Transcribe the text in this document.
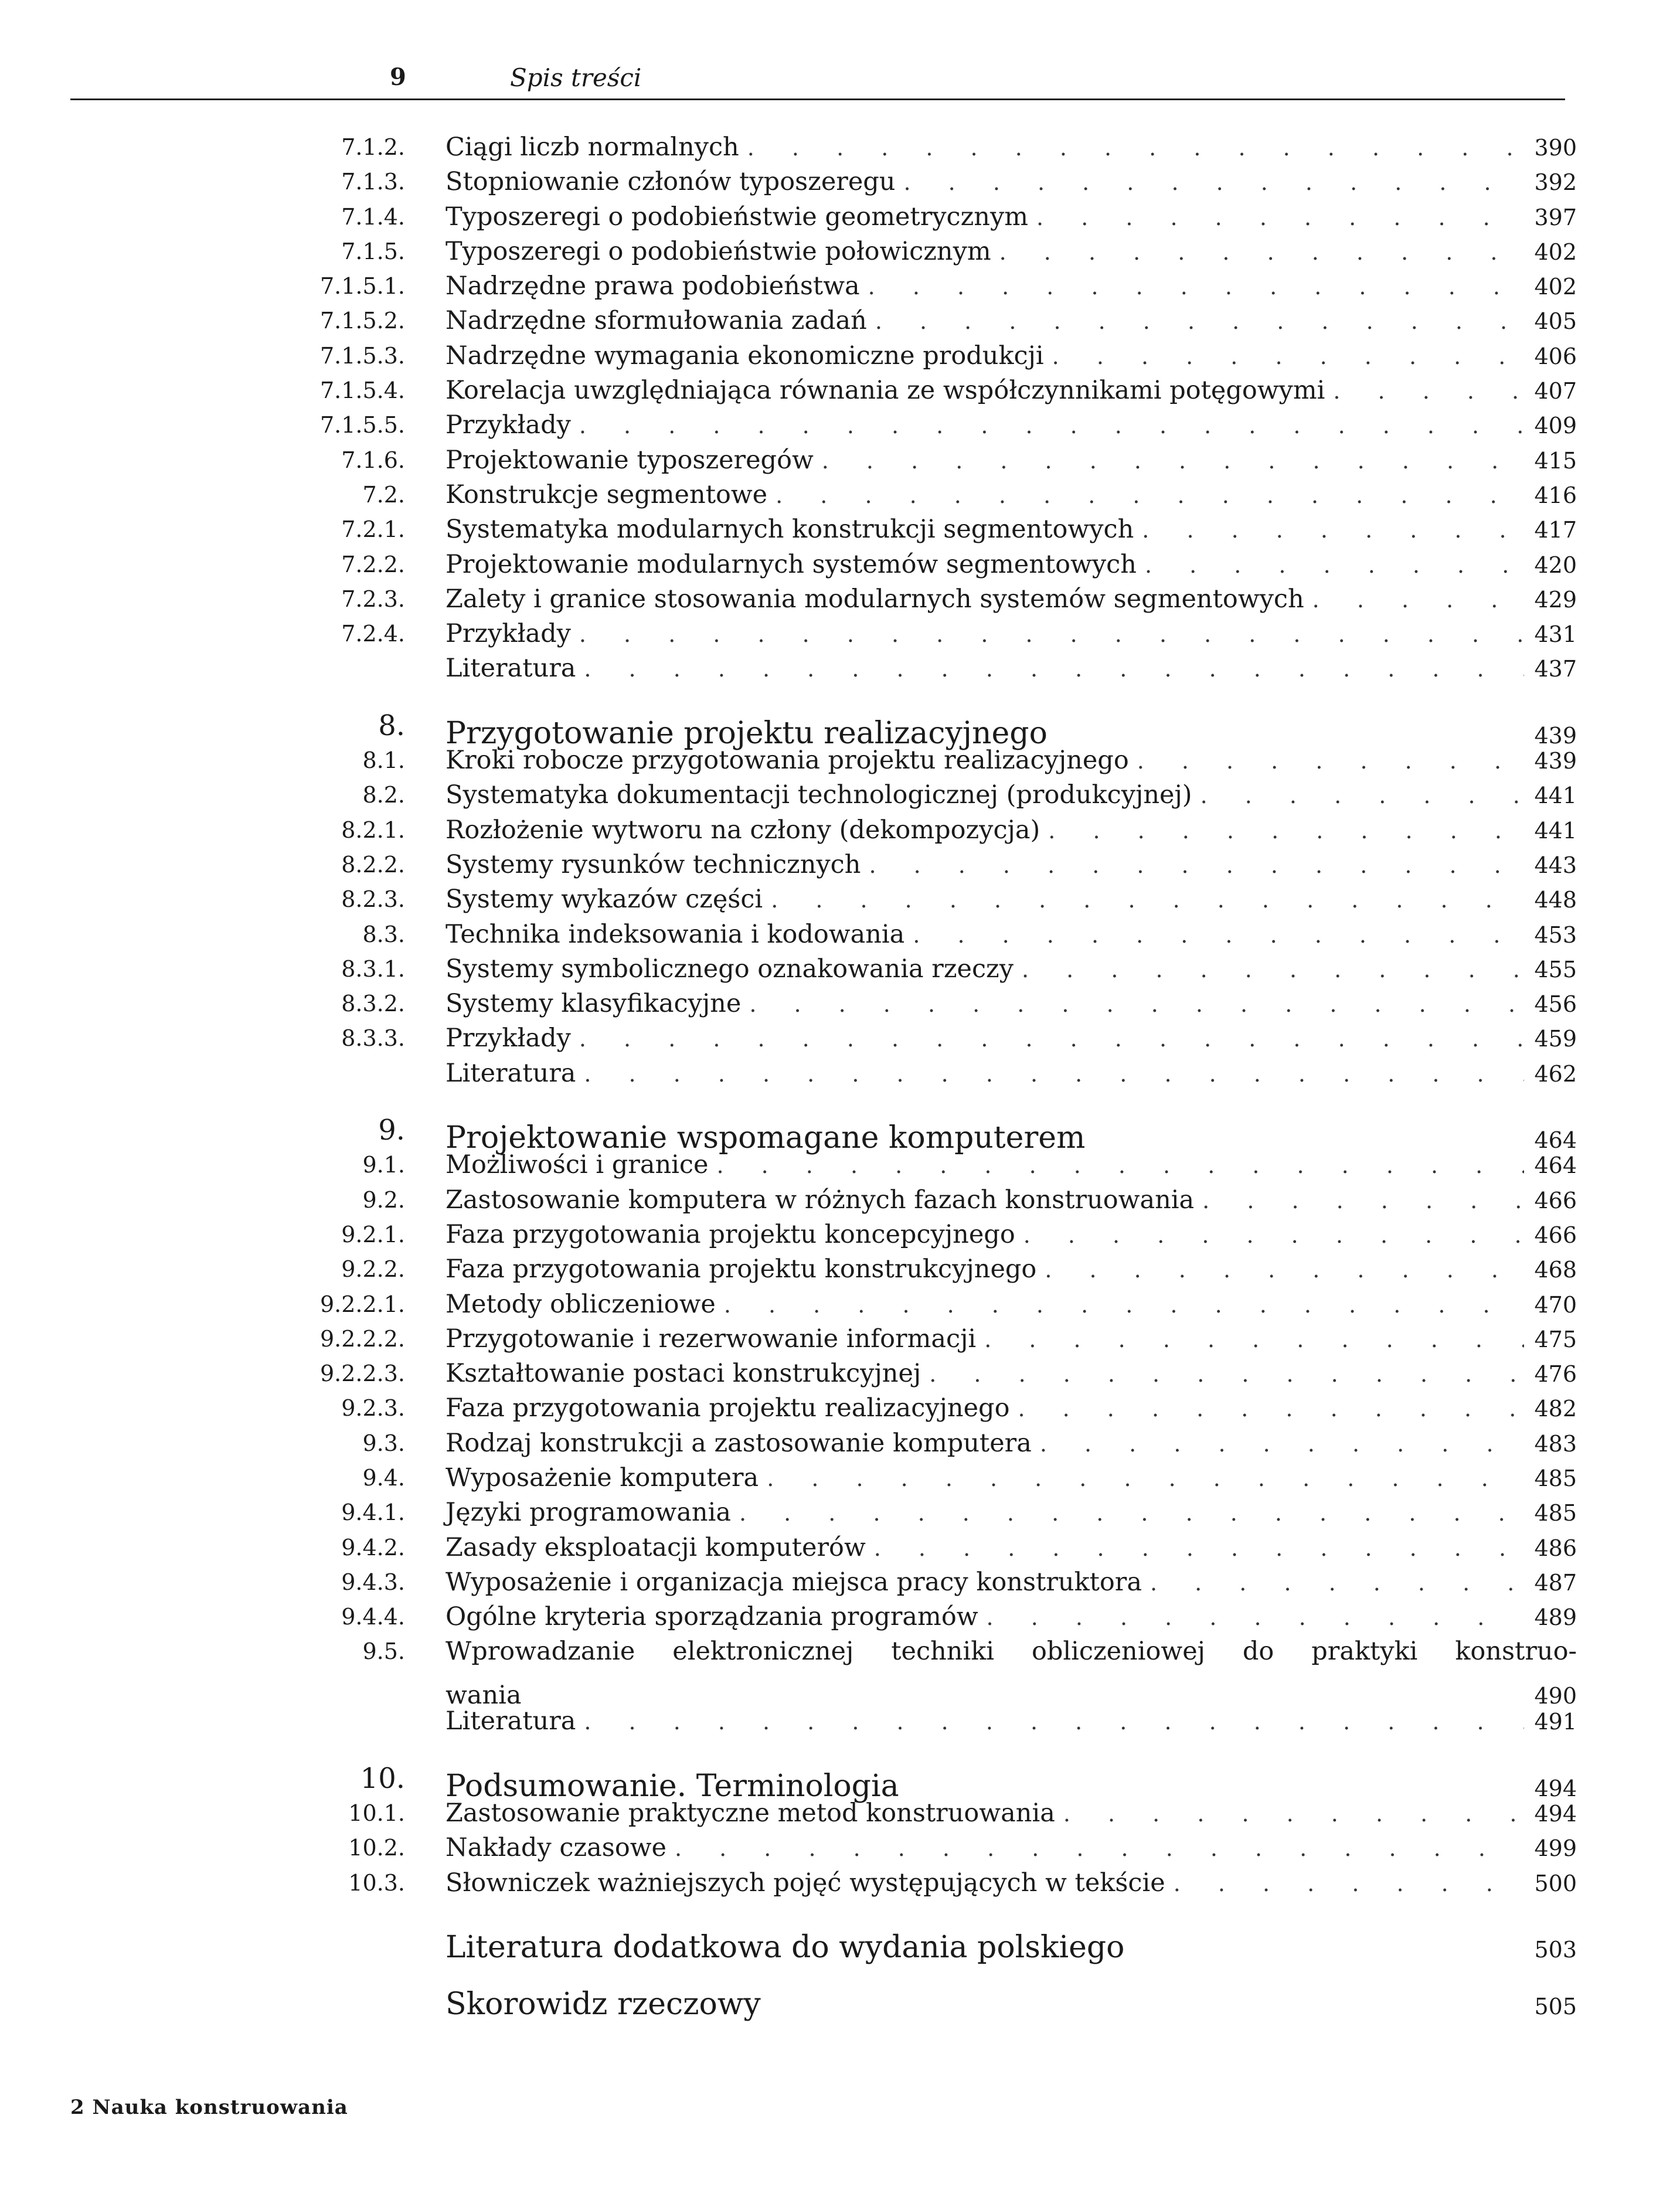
9	Spis treści
7.1.2. Ciągi liczb normalnych . . .	390
7.1.3. Stopniowanie członów typoszeregu . . .	392
7.1.4. Typoszeregi o podobieństwie geometrycznym . . .	397
7.1.5. Typoszeregi o podobieństwie połowicznym . . .	402
7.1.5.1. Nadrzędne prawa podobieństwa . . .	402
7.1.5.2. Nadrzędne sformułowania zadań . . .	405
7.1.5.3. Nadrzędne wymagania ekonomiczne produkcji . . .	406
7.1.5.4. Korelacja uwzględniająca równania ze współczynnikami potęgowymi . . .	407
7.1.5.5. Przykłady . . .	409
7.1.6. Projektowanie typoszeregów . . .	415
7.2. Konstrukcje segmentowe . . .	416
7.2.1. Systematyka modularnych konstrukcji segmentowych . . .	417
7.2.2. Projektowanie modularnych systemów segmentowych . . .	420
7.2.3. Zalety i granice stosowania modularnych systemów segmentowych . . .	429
7.2.4. Przykłady . . .	431
Literatura . . .	437
8. Przygotowanie projektu realizacyjnego	439
8.1. Kroki robocze przygotowania projektu realizacyjnego . . .	439
8.2. Systematyka dokumentacji technologicznej (produkcyjnej) . . .	441
8.2.1. Rozłożenie wytworu na człony (dekompozycja) . . .	441
8.2.2. Systemy rysunków technicznych . . .	443
8.2.3. Systemy wykazów części . . .	448
8.3. Technika indeksowania i kodowania . . .	453
8.3.1. Systemy symbolicznego oznakowania rzeczy . . .	455
8.3.2. Systemy klasyfikacyjne . . .	456
8.3.3. Przykłady . . .	459
Literatura . . .	462
9. Projektowanie wspomagane komputerem	464
9.1. Możliwości i granice . . .	464
9.2. Zastosowanie komputera w różnych fazach konstruowania . . .	466
9.2.1. Faza przygotowania projektu koncepcyjnego . . .	466
9.2.2. Faza przygotowania projektu konstrukcyjnego . . .	468
9.2.2.1. Metody obliczeniowe . . .	470
9.2.2.2. Przygotowanie i rezerwowanie informacji . . .	475
9.2.2.3. Kształtowanie postaci konstrukcyjnej . . .	476
9.2.3. Faza przygotowania projektu realizacyjnego . . .	482
9.3. Rodzaj konstrukcji a zastosowanie komputera . . .	483
9.4. Wyposażenie komputera . . .	485
9.4.1. Języki programowania . . .	485
9.4.2. Zasady eksploatacji komputerów . . .	486
9.4.3. Wyposażenie i organizacja miejsca pracy konstruktora . . .	487
9.4.4. Ogólne kryteria sporządzania programów . . .	489
9.5. Wprowadzanie elektronicznej techniki obliczeniowej do praktyki konstruo-
wania	490
Literatura . . .	491
10. Podsumowanie. Terminologia	494
10.1. Zastosowanie praktyczne metod konstruowania . . .	494
10.2. Nakłady czasowe . . .	499
10.3. Słowniczek ważniejszych pojęć występujących w tekście . . .	500
Literatura dodatkowa do wydania polskiego	503
Skorowidz rzeczowy	505
2 Nauka konstruowania
